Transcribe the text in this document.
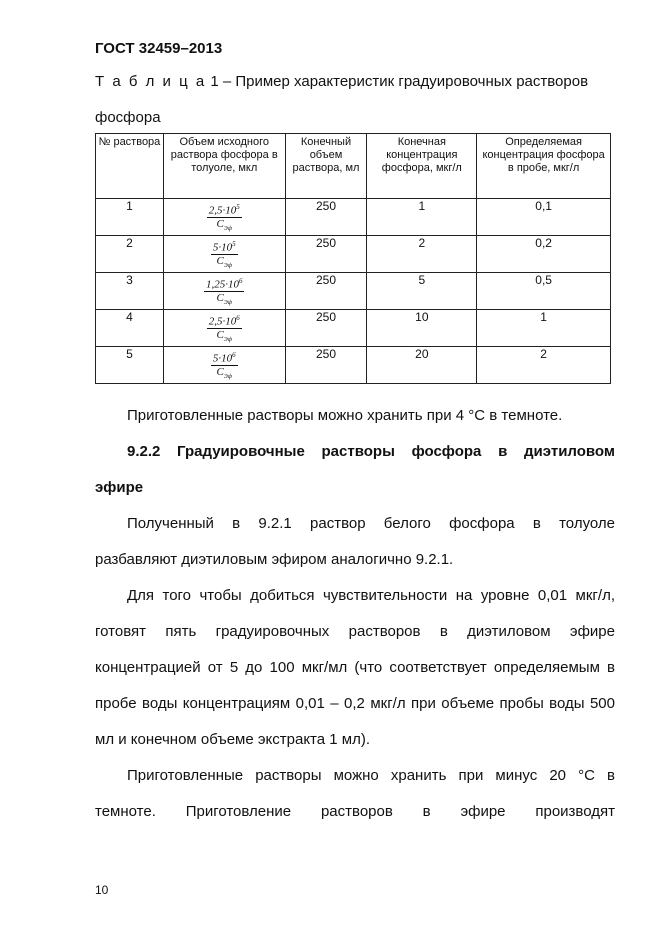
ГОСТ 32459–2013
Т а б л и ц а 1 – Пример характеристик градуировочных растворов
фосфора
№ раствора	Объем исходного раствора фосфора в толуоле, мкл	Конечный объем раствора, мл	Конечная концентрация фосфора, мкг/л	Определяемая концентрация фосфора в пробе, мкг/л
1	$\frac{2,5\cdot 10^5}{C_{Эф}}$	250	1	0,1
2	$\frac{5\cdot 10^5}{C_{Эф}}$	250	2	0,2
3	$\frac{1,25\cdot 10^6}{C_{Эф}}$	250	5	0,5
4	$\frac{2,5\cdot 10^6}{C_{Эф}}$	250	10	1
5	$\frac{5\cdot 10^6}{C_{Эф}}$	250	20	2
Приготовленные растворы можно хранить при 4 °С в темноте.
9.2.2 Градуировочные растворы фосфора в диэтиловом
эфире
Полученный в 9.2.1 раствор белого фосфора в толуоле
разбавляют диэтиловым эфиром аналогично 9.2.1.
Для того чтобы добиться чувствительности на уровне 0,01 мкг/л, готовят пять градуировочных растворов в диэтиловом эфире концентрацией от 5 до 100 мкг/мл (что соответствует определяемым в пробе воды концентрациям 0,01 – 0,2 мкг/л при объеме пробы воды 500 мл и конечном объеме экстракта 1 мл).
Приготовленные растворы можно хранить при минус 20 °С в
темноте. Приготовление растворов в эфире производят
10
